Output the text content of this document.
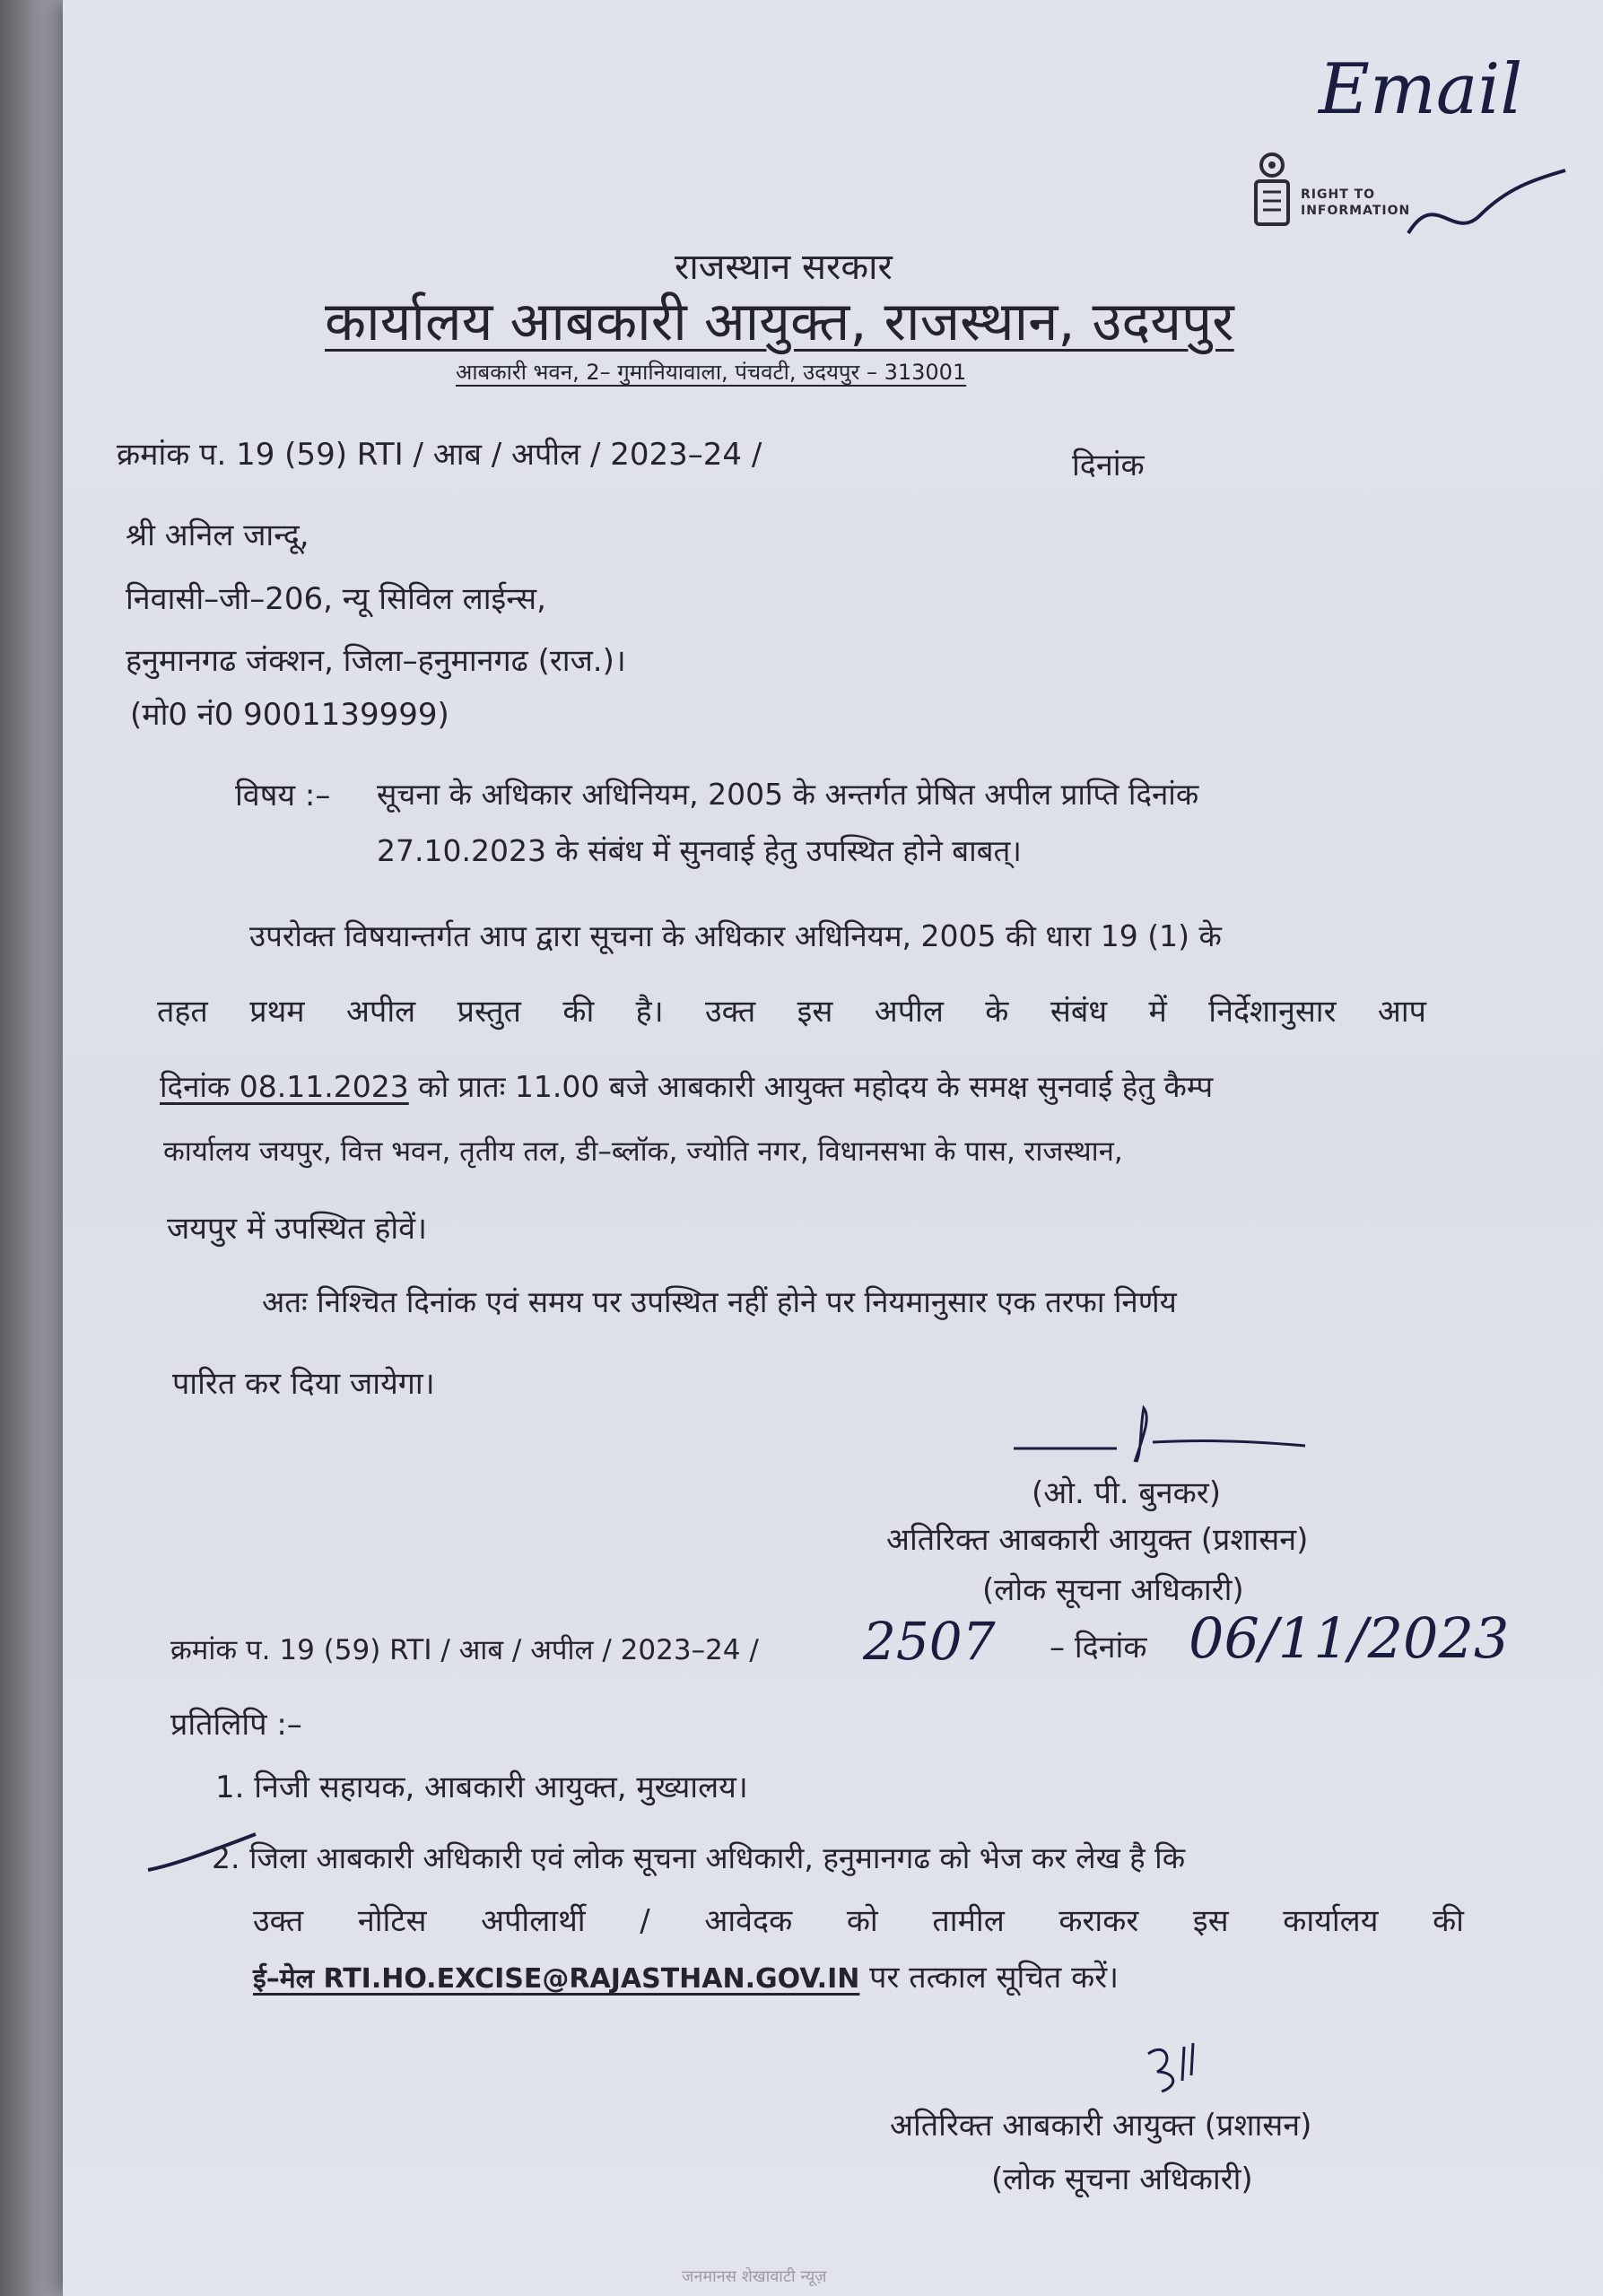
Email
RIGHT TO
INFORMATION
राजस्थान सरकार
कार्यालय आबकारी आयुक्त, राजस्थान, उदयपुर
आबकारी भवन, 2– गुमानियावाला, पंचवटी, उदयपुर – 313001
क्रमांक प. 19 (59) RTI / आब / अपील / 2023–24 /	दिनांक
श्री अनिल जान्दू,
निवासी–जी–206, न्यू सिविल लाईन्स,
हनुमानगढ जंक्शन, जिला–हनुमानगढ (राज.)।
(मो0 नं0 9001139999)
विषय :– सूचना के अधिकार अधिनियम, 2005 के अन्तर्गत प्रेषित अपील प्राप्ति दिनांक
27.10.2023 के संबंध में सुनवाई हेतु उपस्थित होने बाबत्।
उपरोक्त विषयान्तर्गत आप द्वारा सूचना के अधिकार अधिनियम, 2005 की धारा 19 (1) के
तहत प्रथम अपील प्रस्तुत की है। उक्त इस अपील के संबंध में निर्देशानुसार आप
दिनांक 08.11.2023 को प्रातः 11.00 बजे आबकारी आयुक्त महोदय के समक्ष सुनवाई हेतु कैम्प
कार्यालय जयपुर, वित्त भवन, तृतीय तल, डी–ब्लॉक, ज्योति नगर, विधानसभा के पास, राजस्थान,
जयपुर में उपस्थित होवें।
अतः निश्चित दिनांक एवं समय पर उपस्थित नहीं होने पर नियमानुसार एक तरफा निर्णय
पारित कर दिया जायेगा।
(ओ. पी. बुनकर)
अतिरिक्त आबकारी आयुक्त (प्रशासन)
(लोक सूचना अधिकारी)
क्रमांक प. 19 (59) RTI / आब / अपील / 2023–24 / 2507 – दिनांक 06/11/2023
प्रतिलिपि :–
1. निजी सहायक, आबकारी आयुक्त, मुख्यालय।
2. जिला आबकारी अधिकारी एवं लोक सूचना अधिकारी, हनुमानगढ को भेज कर लेख है कि
उक्त नोटिस अपीलार्थी / आवेदक को तामील कराकर इस कार्यालय की
ई–मेल RTI.HO.EXCISE@RAJASTHAN.GOV.IN पर तत्काल सूचित करें।
अतिरिक्त आबकारी आयुक्त (प्रशासन)
(लोक सूचना अधिकारी)
जनमानस शेखावाटी न्यूज़
